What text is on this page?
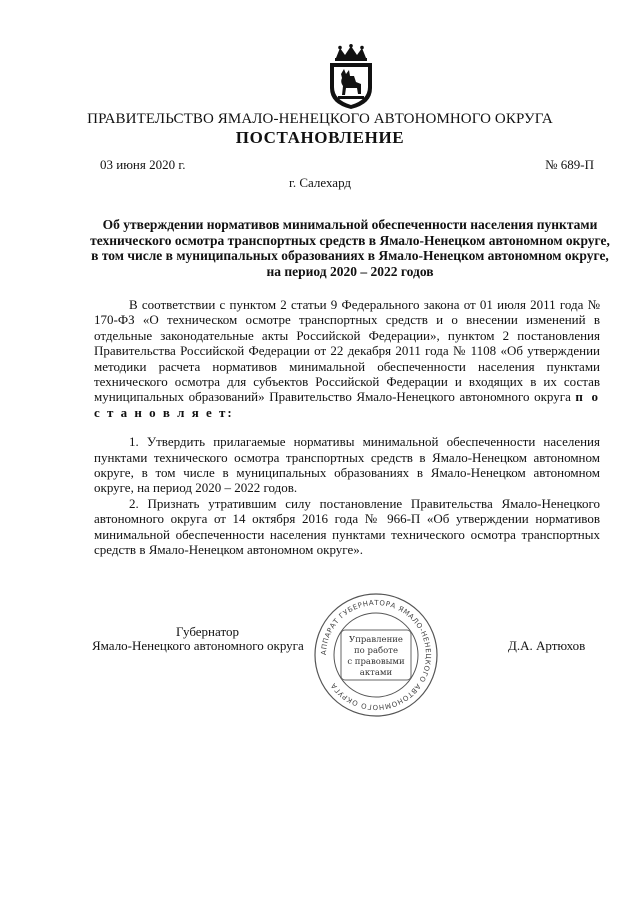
ПРАВИТЕЛЬСТВО ЯМАЛО-НЕНЕЦКОГО АВТОНОМНОГО ОКРУГА
ПОСТАНОВЛЕНИЕ
03 июня 2020 г.	№ 689-П
г. Салехард
Об утверждении нормативов минимальной обеспеченности населения пунктами технического осмотра транспортных средств в Ямало-Ненецком автономном округе, в том числе в муниципальных образованиях в Ямало-Ненецком автономном округе, на период 2020 – 2022 годов

В соответствии с пунктом 2 статьи 9 Федерального закона от 01 июля 2011 года № 170-ФЗ «О техническом осмотре транспортных средств и о внесении изменений в отдельные законодательные акты Российской Федерации», пунктом 2 постановления Правительства Российской Федерации от 22 декабря 2011 года № 1108 «Об утверждении методики расчета нормативов минимальной обеспеченности населения пунктами технического осмотра для субъектов Российской Федерации и входящих в их состав муниципальных образований» Правительство Ямало-Ненецкого автономного округа п о с т а н о в л я е т:

1. Утвердить прилагаемые нормативы минимальной обеспеченности населения пунктами технического осмотра транспортных средств в Ямало-Ненецком автономном округе, в том числе в муниципальных образованиях в Ямало-Ненецком автономном округе, на период 2020 – 2022 годов.

2. Признать утратившим силу постановление Правительства Ямало-Ненецкого автономного округа от 14 октября 2016 года № 966-П «Об утверждении нормативов минимальной обеспеченности населения пунктами технического осмотра транспортных средств в Ямало-Ненецком автономном округе».

Губернатор
Ямало-Ненецкого автономного округа	Д.А. Артюхов
АППАРАТ ГУБЕРНАТОРА ЯМАЛО-НЕНЕЦКОГО АВТОНОМНОГО ОКРУГА
Управление
по работе
с правовыми
актами
